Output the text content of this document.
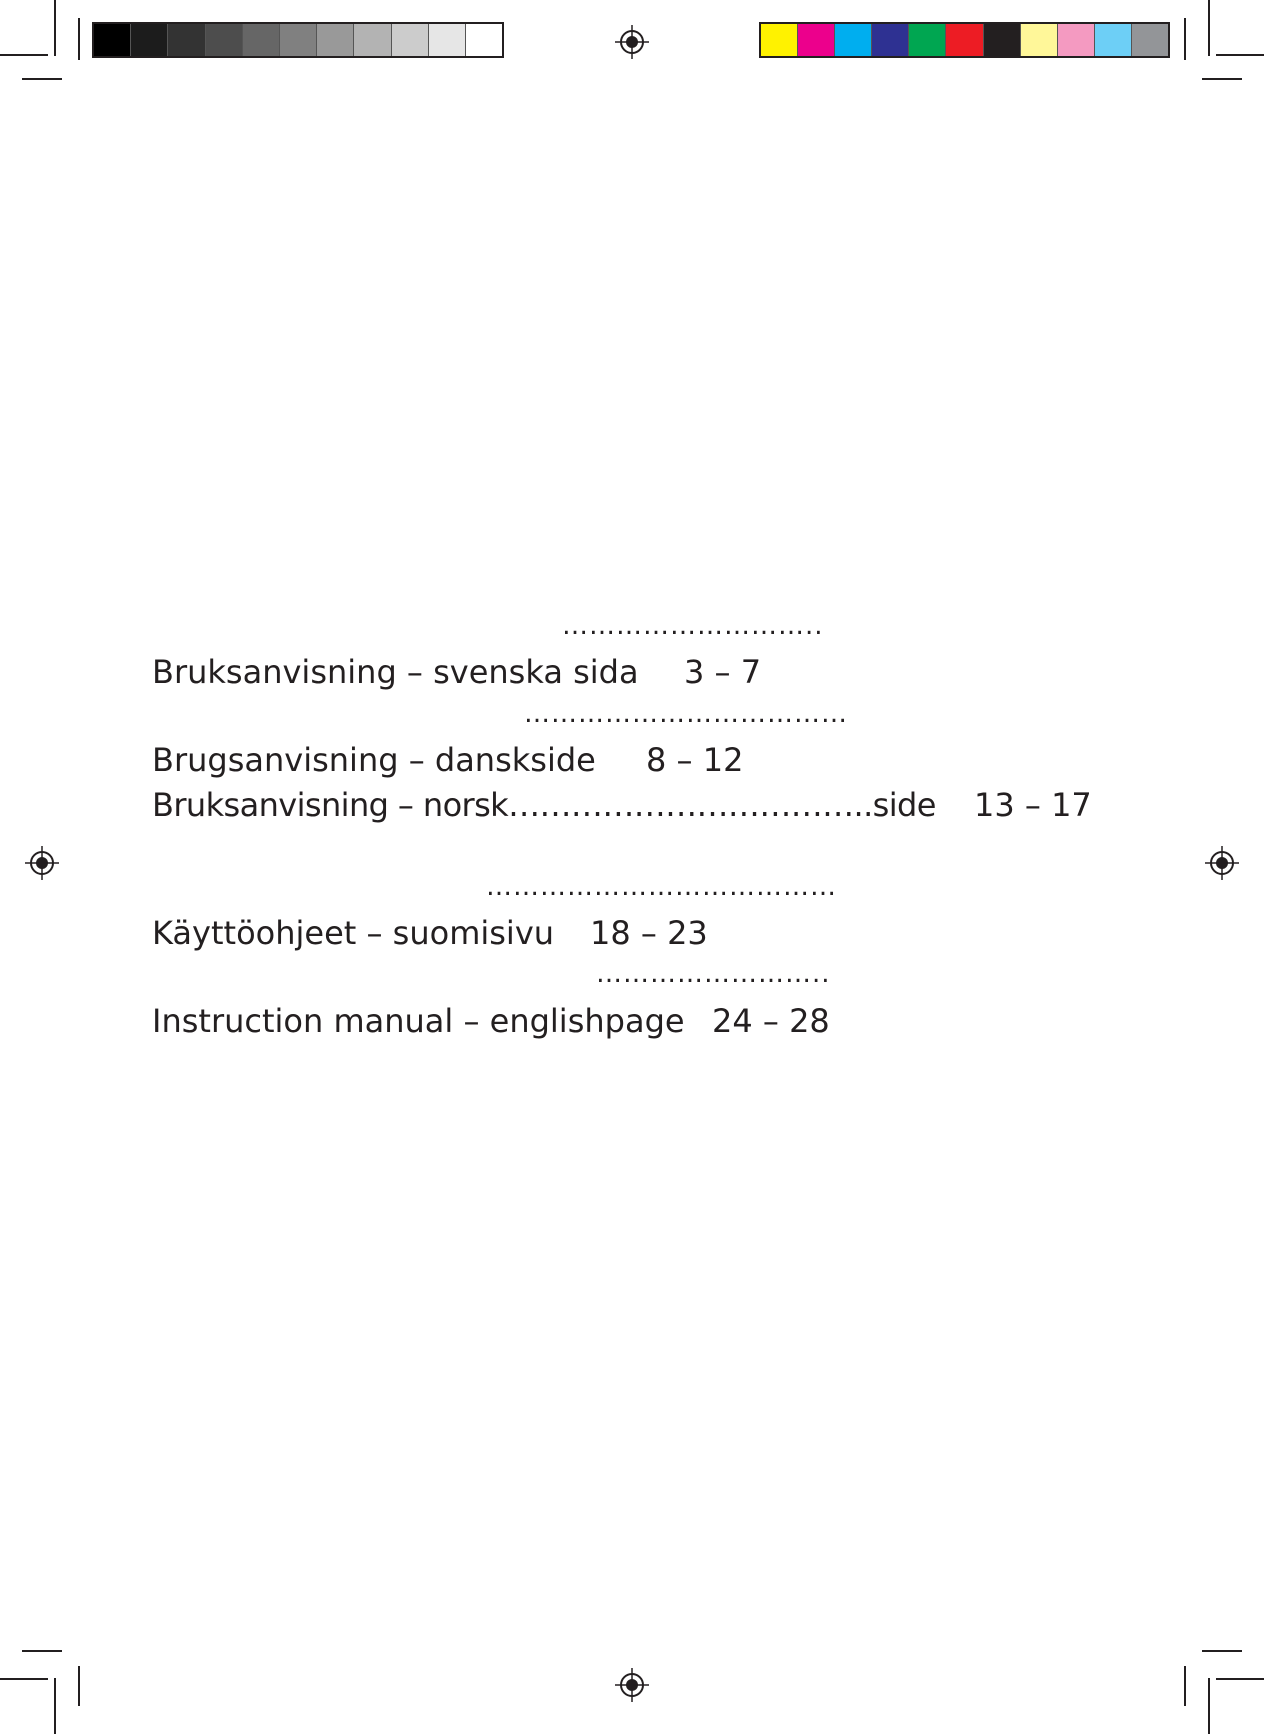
………………………..
Bruksanvisning – svenska sida 3 – 7
………………………………
Brugsanvisning – danskside 8 – 12
Bruksanvisning – norsk……………………………..side 13 – 17
…………………………………
Käyttöohjeet – suomisivu 18 – 23
……………………..
Instruction manual – englishpage 24 – 28
